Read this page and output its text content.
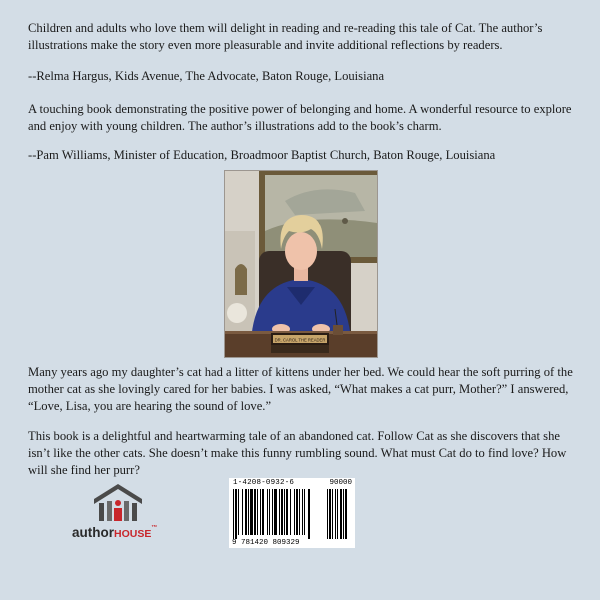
Children and adults who love them will delight in reading and re-reading this tale of Cat. The author’s illustrations make the story even more pleasurable and invite additional reflections by readers.

--Relma Hargus, Kids Avenue, The Advocate, Baton Rouge, Louisiana

A touching book demonstrating the positive power of belonging and home. A wonderful resource to explore and enjoy with young children. The author’s illustrations add to the book’s charm.

--Pam Williams, Minister of Education, Broadmoor Baptist Church, Baton Rouge, Louisiana

DR. CAROL THE READER

Many years ago my daughter’s cat had a litter of kittens under her bed. We could hear the soft purring of the mother cat as she lovingly cared for her babies. I was asked, “What makes a cat purr, Mother?” I answered, “Love, Lisa, you are hearing the sound of love.”

This book is a delightful and heartwarming tale of an abandoned cat. Follow Cat as she discovers that she isn’t like the other cats. She doesn’t make this funny rumbling sound. What must Cat do to find love? How will she find her purr?

authorHOUSE™
1-4208-0932-6	90000
9 781420 809329
